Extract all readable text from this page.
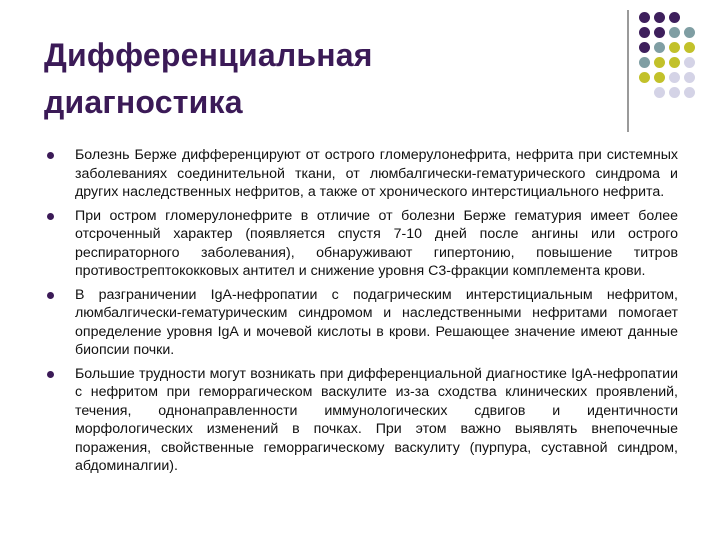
Дифференциальная
диагностика
Болезнь Берже дифференцируют от острого гломерулонефрита, нефрита при системных заболеваниях соединительной ткани, от люмбалгически-гематурического синдрома и других наследственных нефритов, а также от хронического интерстициального нефрита.
При остром гломерулонефрите в отличие от болезни Берже гематурия имеет более отсроченный характер (появляется спустя 7-10 дней после ангины или острого респираторного заболевания), обнаруживают гипертонию, повышение титров противострептококковых антител и снижение уровня С3-фракции комплемента крови.
В разграничении IgA-нефропатии с подагрическим интерстициальным нефритом, люмбалгически-гематурическим синдромом и наследственными нефритами помогает определение уровня IgA и мочевой кислоты в крови. Решающее значение имеют данные биопсии почки.
Большие трудности могут возникать при дифференциальной диагностике IgA-нефропатии с нефритом при геморрагическом васкулите из-за сходства клинических проявлений, течения, однонаправленности иммунологических сдвигов и идентичности морфологических изменений в почках. При этом важно выявлять внепочечные поражения, свойственные геморрагическому васкулиту (пурпура, суставной синдром, абдоминалгии).
